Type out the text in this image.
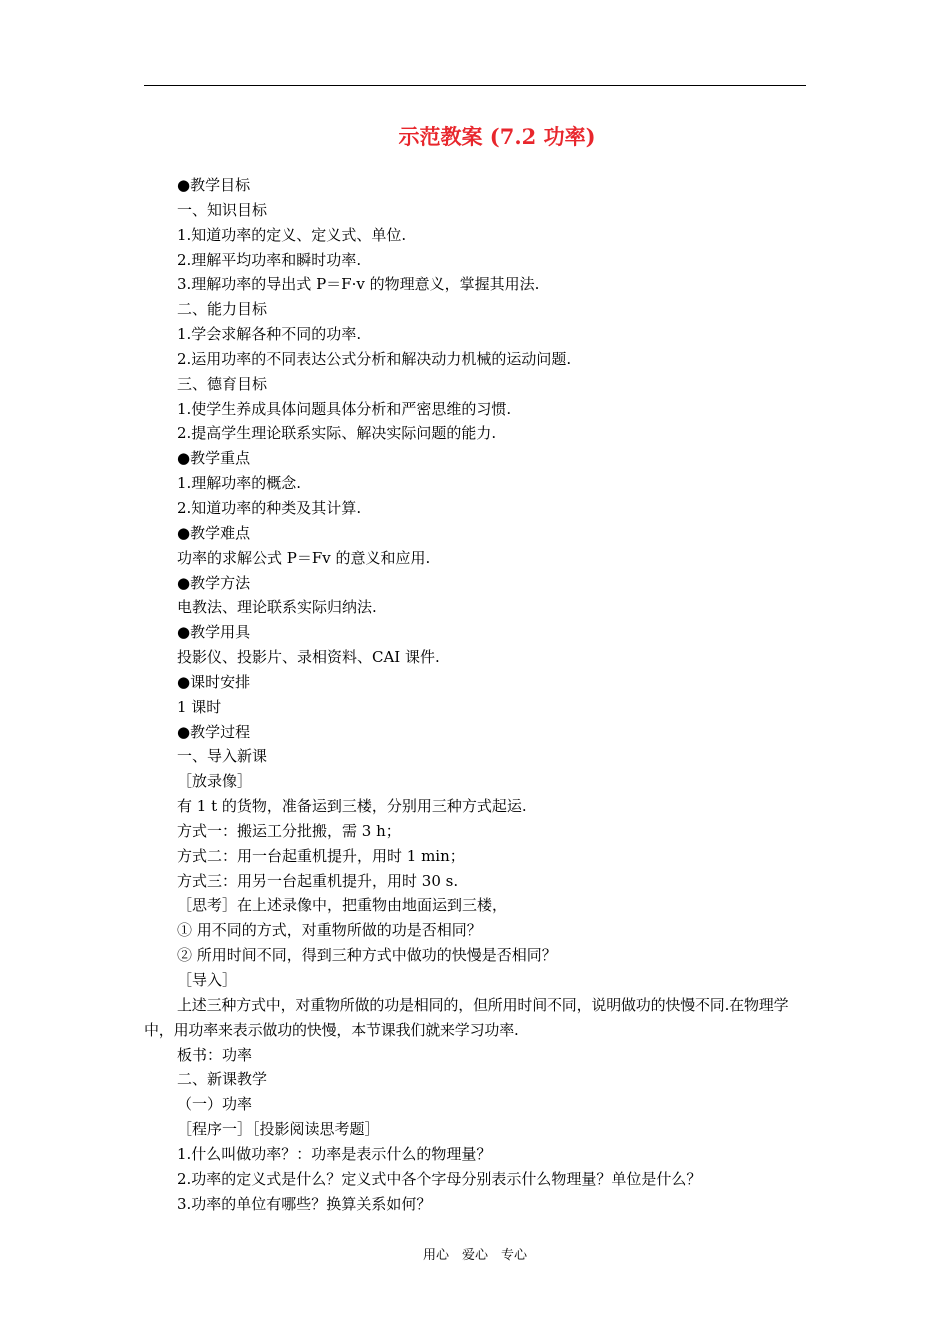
示范教案 (7.2 功率)
●教学目标
一、知识目标
1.知道功率的定义、定义式、单位.
2.理解平均功率和瞬时功率.
3.理解功率的导出式 P＝F·v 的物理意义，掌握其用法.
二、能力目标
1.学会求解各种不同的功率.
2.运用功率的不同表达公式分析和解决动力机械的运动问题.
三、德育目标
1.使学生养成具体问题具体分析和严密思维的习惯.
2.提高学生理论联系实际、解决实际问题的能力.
●教学重点
1.理解功率的概念.
2.知道功率的种类及其计算.
●教学难点
功率的求解公式 P＝Fv 的意义和应用.
●教学方法
电教法、理论联系实际归纳法.
●教学用具
投影仪、投影片、录相资料、CAI 课件.
●课时安排
1 课时
●教学过程
一、导入新课
［放录像］
有 1 t 的货物，准备运到三楼，分别用三种方式起运.
方式一：搬运工分批搬，需 3 h；
方式二：用一台起重机提升，用时 1 min；
方式三：用另一台起重机提升，用时 30 s.
［思考］在上述录像中，把重物由地面运到三楼，
① 用不同的方式，对重物所做的功是否相同？
② 所用时间不同，得到三种方式中做功的快慢是否相同？
［导入］
上述三种方式中，对重物所做的功是相同的，但所用时间不同，说明做功的快慢不同.在物理学中，用功率来表示做功的快慢，本节课我们就来学习功率.
板书：功率
二、新课教学
（一）功率
［程序一］［投影阅读思考题］
1.什么叫做功率？：功率是表示什么的物理量？
2.功率的定义式是什么？定义式中各个字母分别表示什么物理量？单位是什么？
3.功率的单位有哪些？换算关系如何？
用心　爱心　专心
